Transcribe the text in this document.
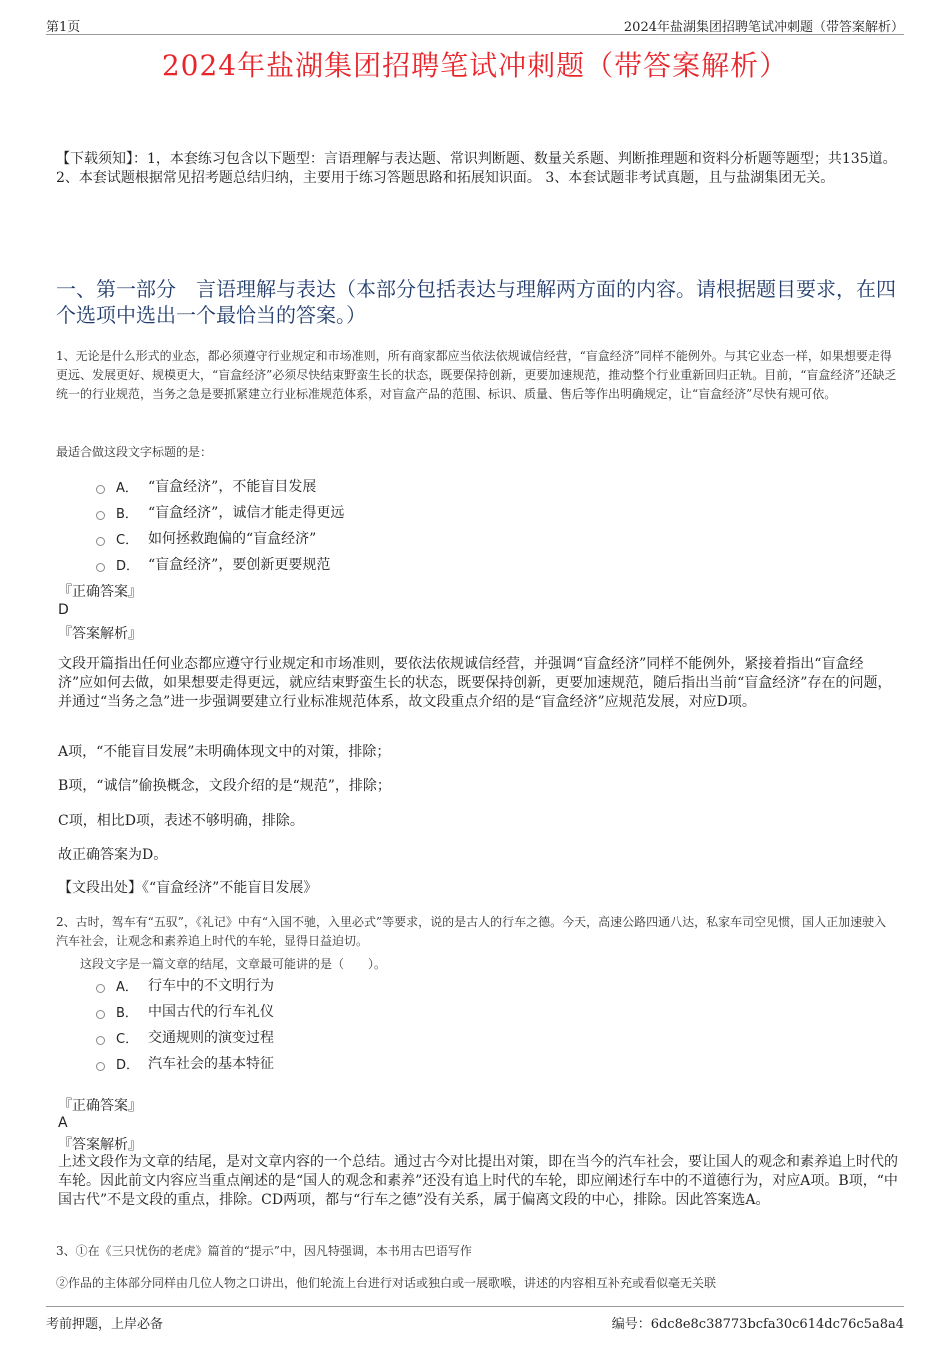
第1页	2024年盐湖集团招聘笔试冲刺题（带答案解析）
2024年盐湖集团招聘笔试冲刺题（带答案解析）
【下载须知】：1，本套练习包含以下题型：言语理解与表达题、常识判断题、数量关系题、判断推理题和资料分析题等题型；共135道。 2、本套试题根据常见招考题总结归纳，主要用于练习答题思路和拓展知识面。 3、本套试题非考试真题，且与盐湖集团无关。
一、第一部分　言语理解与表达（本部分包括表达与理解两方面的内容。请根据题目要求，在四个选项中选出一个最恰当的答案。）
1、无论是什么形式的业态，都必须遵守行业规定和市场准则，所有商家都应当依法依规诚信经营，“盲盒经济”同样不能例外。与其它业态一样，如果想要走得更远、发展更好、规模更大，“盲盒经济”必须尽快结束野蛮生长的状态，既要保持创新，更要加速规范，推动整个行业重新回归正轨。目前，“盲盒经济”还缺乏统一的行业规范，当务之急是要抓紧建立行业标准规范体系，对盲盒产品的范围、标识、质量、售后等作出明确规定，让“盲盒经济”尽快有规可依。
最适合做这段文字标题的是：
A． “盲盒经济”，不能盲目发展
B． “盲盒经济”，诚信才能走得更远
C． 如何拯救跑偏的“盲盒经济”
D． “盲盒经济”，要创新更要规范
『正确答案』
D
『答案解析』
文段开篇指出任何业态都应遵守行业规定和市场准则，要依法依规诚信经营，并强调“盲盒经济”同样不能例外，紧接着指出“盲盒经济”应如何去做，如果想要走得更远，就应结束野蛮生长的状态，既要保持创新，更要加速规范，随后指出当前“盲盒经济”存在的问题，并通过“当务之急”进一步强调要建立行业标准规范体系，故文段重点介绍的是“盲盒经济”应规范发展，对应D项。
A项，“不能盲目发展”未明确体现文中的对策，排除；
B项，“诚信”偷换概念，文段介绍的是“规范”，排除；
C项，相比D项，表述不够明确，排除。
故正确答案为D。
【文段出处】《“盲盒经济”不能盲目发展》
2、古时，驾车有“五驭”，《礼记》中有“入国不驰，入里必式”等要求，说的是古人的行车之德。今天，高速公路四通八达，私家车司空见惯，国人正加速驶入汽车社会，让观念和素养追上时代的车轮，显得日益迫切。
这段文字是一篇文章的结尾，文章最可能讲的是（　　）。
A． 行车中的不文明行为
B． 中国古代的行车礼仪
C． 交通规则的演变过程
D． 汽车社会的基本特征
『正确答案』
A
『答案解析』
上述文段作为文章的结尾，是对文章内容的一个总结。通过古今对比提出对策，即在当今的汽车社会，要让国人的观念和素养追上时代的车轮。因此前文内容应当重点阐述的是“国人的观念和素养”还没有追上时代的车轮，即应阐述行车中的不道德行为，对应A项。B项，“中国古代”不是文段的重点，排除。CD两项，都与“行车之德”没有关系，属于偏离文段的中心，排除。因此答案选A。
3、①在《三只忧伤的老虎》篇首的“提示”中，因凡特强调，本书用古巴语写作
②作品的主体部分同样由几位人物之口讲出，他们轮流上台进行对话或独白或一展歌喉，讲述的内容相互补充或看似毫无关联
考前押题，上岸必备	编号：6dc8e8c38773bcfa30c614dc76c5a8a4
